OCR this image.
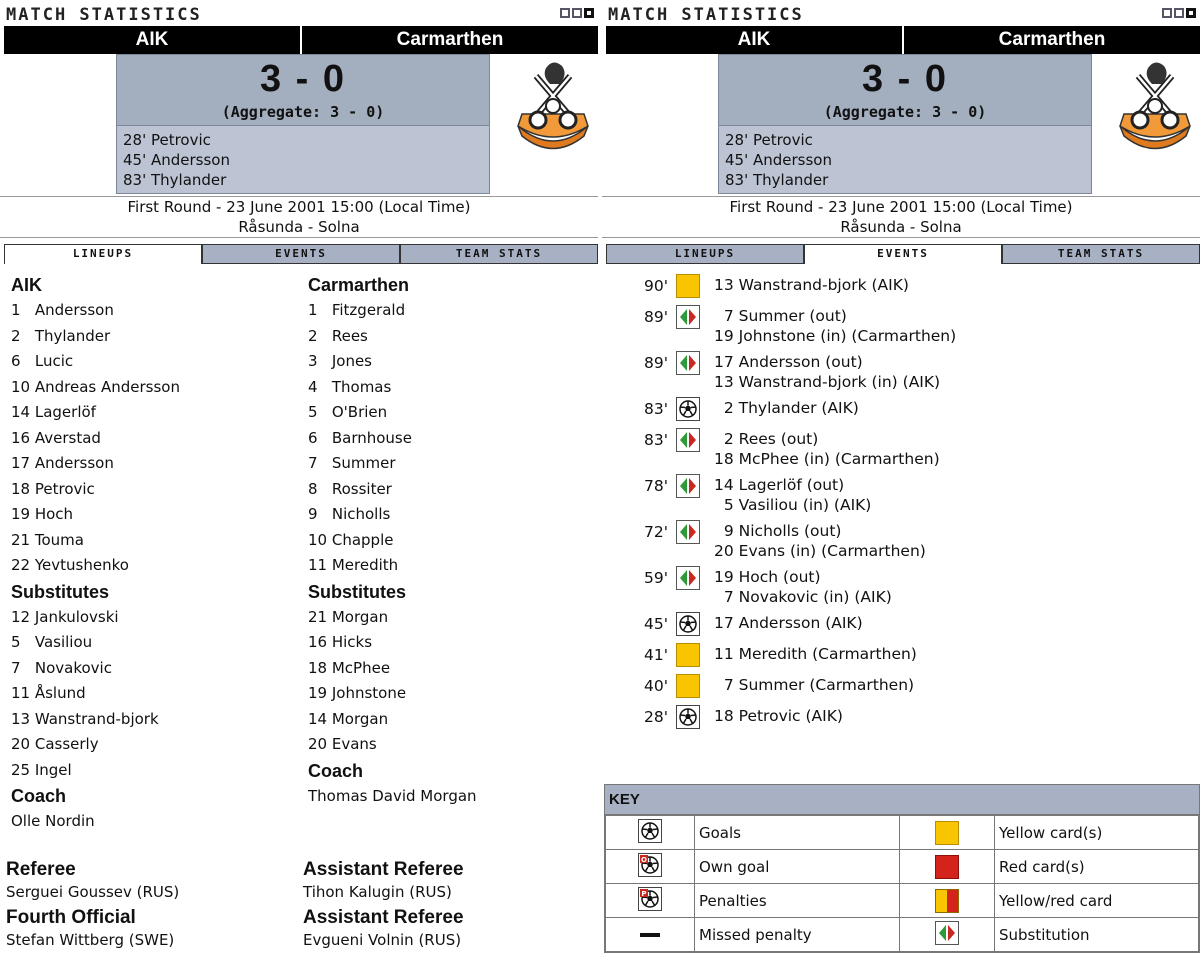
MATCH STATISTICS
AIK	Carmarthen
3 - 0
(Aggregate: 3 - 0)
28' Petrovic
45' Andersson
83' Thylander
First Round - 23 June 2001 15:00 (Local Time)
Råsunda - Solna
LINEUPS	EVENTS	TEAM STATS
AIK
1   Andersson
2   Thylander
6   Lucic
10 Andreas Andersson
14 Lagerlöf
16 Averstad
17 Andersson
18 Petrovic
19 Hoch
21 Touma
22 Yevtushenko
Substitutes
12 Jankulovski
5   Vasiliou
7   Novakovic
11 Åslund
13 Wanstrand-bjork
20 Casserly
25 Ingel
Coach
Olle Nordin
Carmarthen
1   Fitzgerald
2   Rees
3   Jones
4   Thomas
5   O'Brien
6   Barnhouse
7   Summer
8   Rossiter
9   Nicholls
10 Chapple
11 Meredith
Substitutes
21 Morgan
16 Hicks
18 McPhee
19 Johnstone
14 Morgan
20 Evans
Coach
Thomas David Morgan
Referee
Serguei Goussev (RUS)
Fourth Official
Stefan Wittberg (SWE)
Assistant Referee
Tihon Kalugin (RUS)
Assistant Referee
Evgueni Volnin (RUS)
MATCH STATISTICS
AIK	Carmarthen
3 - 0
(Aggregate: 3 - 0)
28' Petrovic
45' Andersson
83' Thylander
First Round - 23 June 2001 15:00 (Local Time)
Råsunda - Solna
LINEUPS	EVENTS	TEAM STATS
90'	13 Wanstrand-bjork (AIK)
89'	7 Summer (out)
19 Johnstone (in) (Carmarthen)
89'	17 Andersson (out)
13 Wanstrand-bjork (in) (AIK)
83'	2 Thylander (AIK)
83'	2 Rees (out)
18 McPhee (in) (Carmarthen)
78'	14 Lagerlöf (out)
5 Vasiliou (in) (AIK)
72'	9 Nicholls (out)
20 Evans (in) (Carmarthen)
59'	19 Hoch (out)
7 Novakovic (in) (AIK)
45'	17 Andersson (AIK)
41'	11 Meredith (Carmarthen)
40'	7 Summer (Carmarthen)
28'	18 Petrovic (AIK)
KEY
	Goals		Yellow card(s)

O	Own goal		Red card(s)

P	Penalties		Yellow/red card

	Missed penalty		Substitution
